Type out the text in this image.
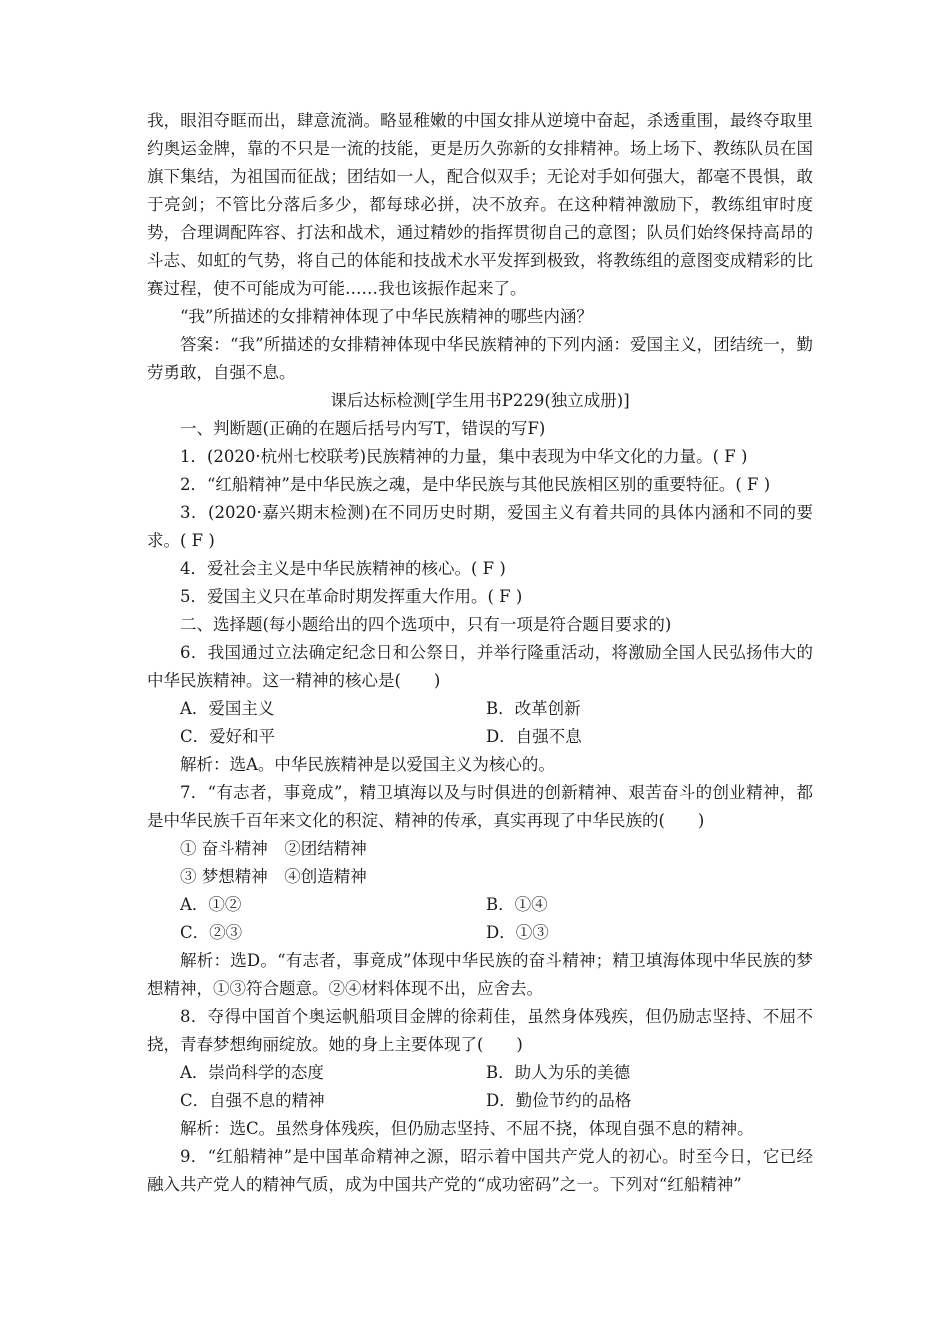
我，眼泪夺眶而出，肆意流淌。略显稚嫩的中国女排从逆境中奋起，杀透重围，最终夺取里约奥运金牌，靠的不只是一流的技能，更是历久弥新的女排精神。场上场下、教练队员在国旗下集结，为祖国而征战；团结如一人，配合似双手；无论对手如何强大，都毫不畏惧，敢于亮剑；不管比分落后多少，都每球必拼，决不放弃。在这种精神激励下，教练组审时度势，合理调配阵容、打法和战术，通过精妙的指挥贯彻自己的意图；队员们始终保持高昂的斗志、如虹的气势，将自己的体能和技战术水平发挥到极致，将教练组的意图变成精彩的比赛过程，使不可能成为可能……我也该振作起来了。

“我”所描述的女排精神体现了中华民族精神的哪些内涵？

答案：“我”所描述的女排精神体现中华民族精神的下列内涵：爱国主义，团结统一，勤劳勇敢，自强不息。

课后达标检测[学生用书P229(独立成册)]

一、判断题(正确的在题后括号内写T，错误的写F)

1．(2020·杭州七校联考)民族精神的力量，集中表现为中华文化的力量。( F )

2．“红船精神”是中华民族之魂，是中华民族与其他民族相区别的重要特征。( F )

3．(2020·嘉兴期末检测)在不同历史时期，爱国主义有着共同的具体内涵和不同的要求。( F )

4．爱社会主义是中华民族精神的核心。( F )

5．爱国主义只在革命时期发挥重大作用。( F )

二、选择题(每小题给出的四个选项中，只有一项是符合题目要求的)

6．我国通过立法确定纪念日和公祭日，并举行隆重活动，将激励全国人民弘扬伟大的中华民族精神。这一精神的核心是(　　)

A．爱国主义	B．改革创新
C．爱好和平	D．自强不息

解析：选A。中华民族精神是以爱国主义为核心的。

7．“有志者，事竟成”，精卫填海以及与时俱进的创新精神、艰苦奋斗的创业精神，都是中华民族千百年来文化的积淀、精神的传承，真实再现了中华民族的(　　)

① 奋斗精神　②团结精神

③ 梦想精神　④创造精神

A．①②	B．①④
C．②③	D．①③

解析：选D。“有志者，事竟成”体现中华民族的奋斗精神；精卫填海体现中华民族的梦想精神，①③符合题意。②④材料体现不出，应舍去。

8．夺得中国首个奥运帆船项目金牌的徐莉佳，虽然身体残疾，但仍励志坚持、不屈不挠，青春梦想绚丽绽放。她的身上主要体现了(　　)

A．崇尚科学的态度	B．助人为乐的美德
C．自强不息的精神	D．勤俭节约的品格

解析：选C。虽然身体残疾，但仍励志坚持、不屈不挠，体现自强不息的精神。

9．“红船精神”是中国革命精神之源，昭示着中国共产党人的初心。时至今日，它已经融入共产党人的精神气质，成为中国共产党的“成功密码”之一。下列对“红船精神”
